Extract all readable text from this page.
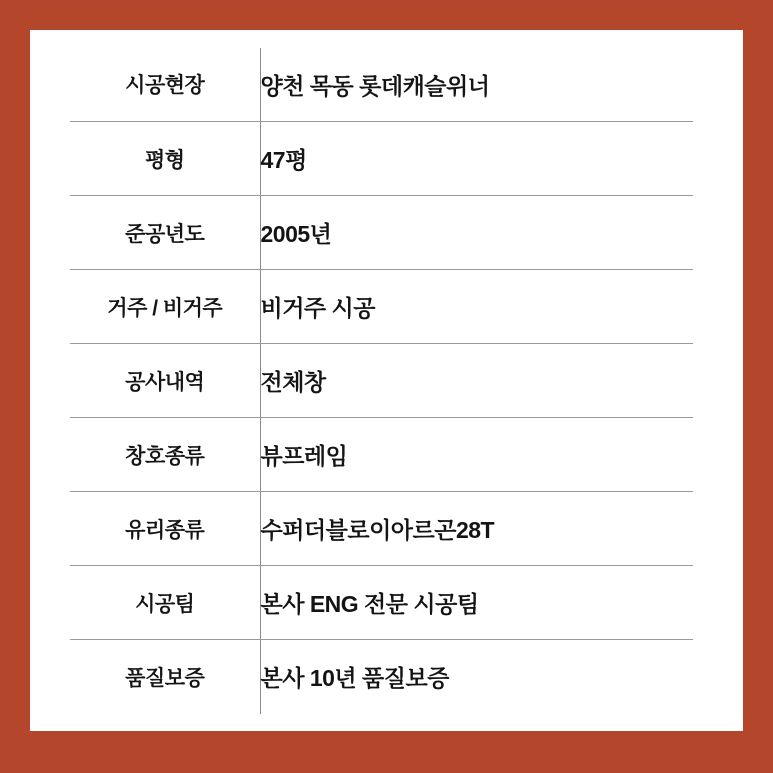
시공현장	양천 목동 롯데캐슬위너
평형	47평
준공년도	2005년
거주 / 비거주	비거주 시공
공사내역	전체창
창호종류	뷰프레임
유리종류	수퍼더블로이아르곤28T
시공팀	본사 ENG 전문 시공팀
품질보증	본사 10년 품질보증
